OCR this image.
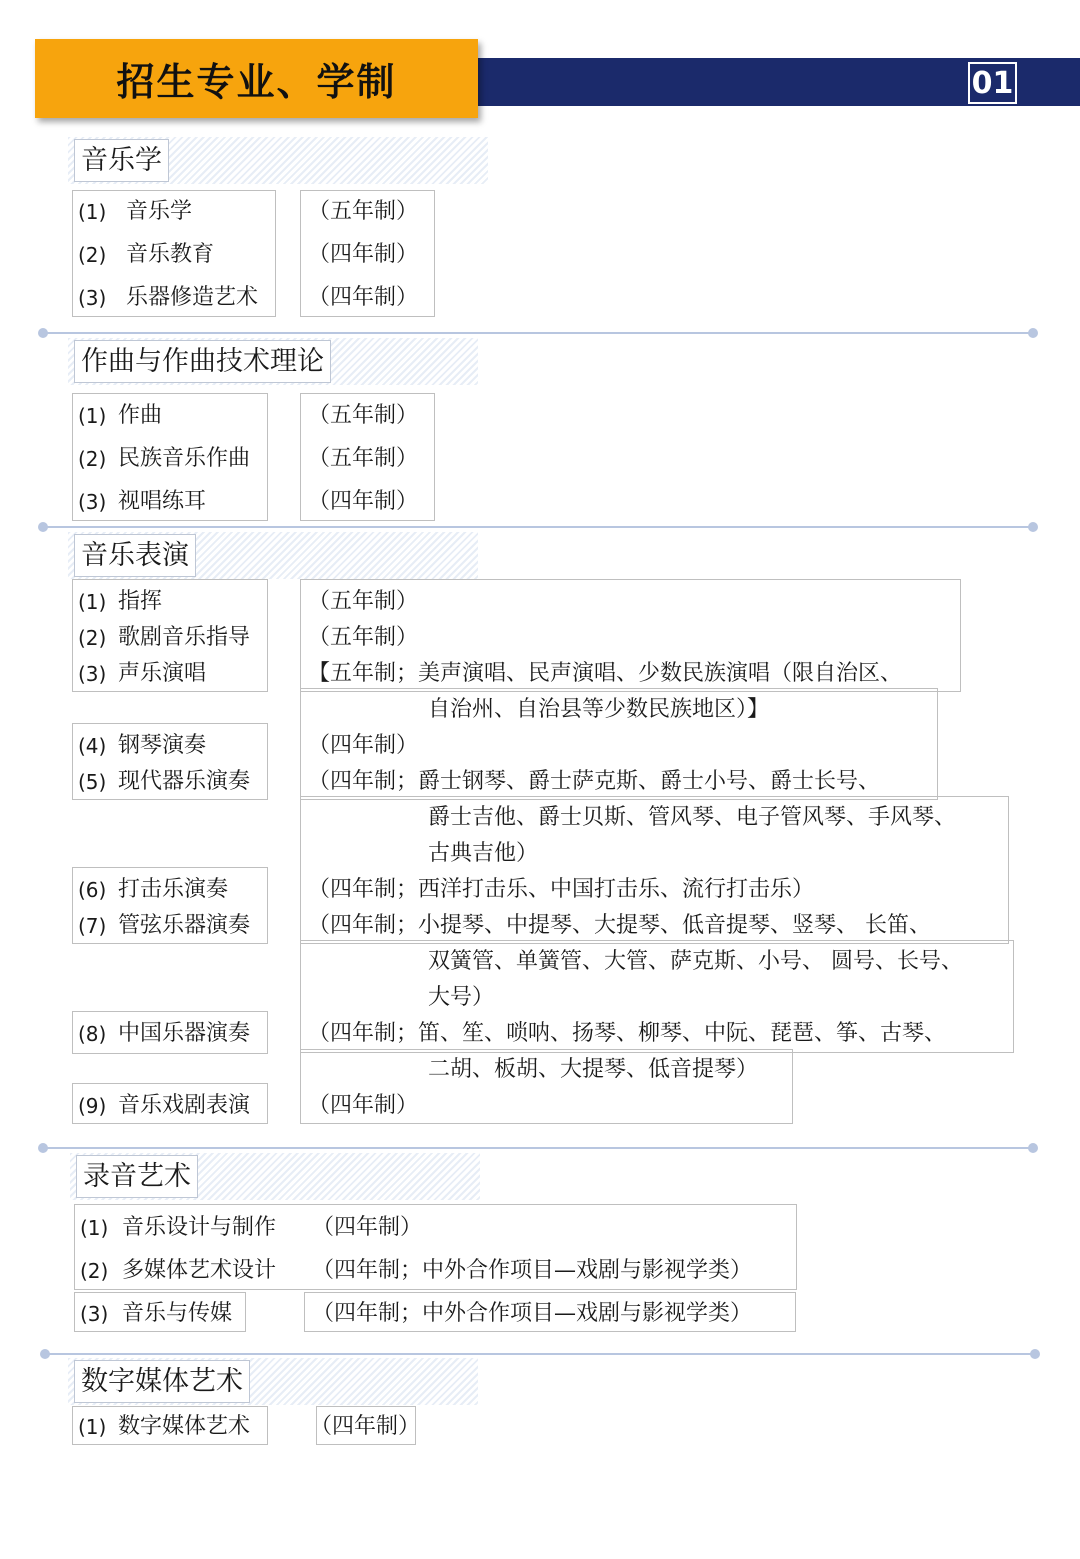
招生专业、学制	01
音乐学
(1) 音乐学	（五年制）
(2) 音乐教育	（四年制）
(3) 乐器修造艺术 （四年制）
作曲与作曲技术理论
(1) 作曲	（五年制）
(2) 民族音乐作曲	（五年制）
(3) 视唱练耳	（四年制）
音乐表演
(1) 指挥	（五年制）
(2) 歌剧音乐指导	（五年制）
(3) 声乐演唱	【五年制；美声演唱、民声演唱、少数民族演唱（限自治区、
自治州、自治县等少数民族地区）】
(4) 钢琴演奏	（四年制）
(5) 现代器乐演奏	（四年制；爵士钢琴、爵士萨克斯、爵士小号、爵士长号、
爵士吉他、爵士贝斯、管风琴、电子管风琴、手风琴、
古典吉他）
(6) 打击乐演奏	（四年制；西洋打击乐、中国打击乐、流行打击乐）
(7) 管弦乐器演奏	（四年制；小提琴、中提琴、大提琴、低音提琴、竖琴、 长笛、
双簧管、单簧管、大管、萨克斯、小号、 圆号、长号、
大号）
(8) 中国乐器演奏	（四年制；笛、笙、唢呐、扬琴、柳琴、中阮、琵琶、筝、古琴、
二胡、板胡、大提琴、低音提琴）
(9) 音乐戏剧表演	（四年制）
录音艺术
(1) 音乐设计与制作 （四年制）
(2) 多媒体艺术设计 （四年制；中外合作项目—戏剧与影视学类）
(3) 音乐与传媒	（四年制；中外合作项目—戏剧与影视学类）
数字媒体艺术
(1) 数字媒体艺术	（四年制）
